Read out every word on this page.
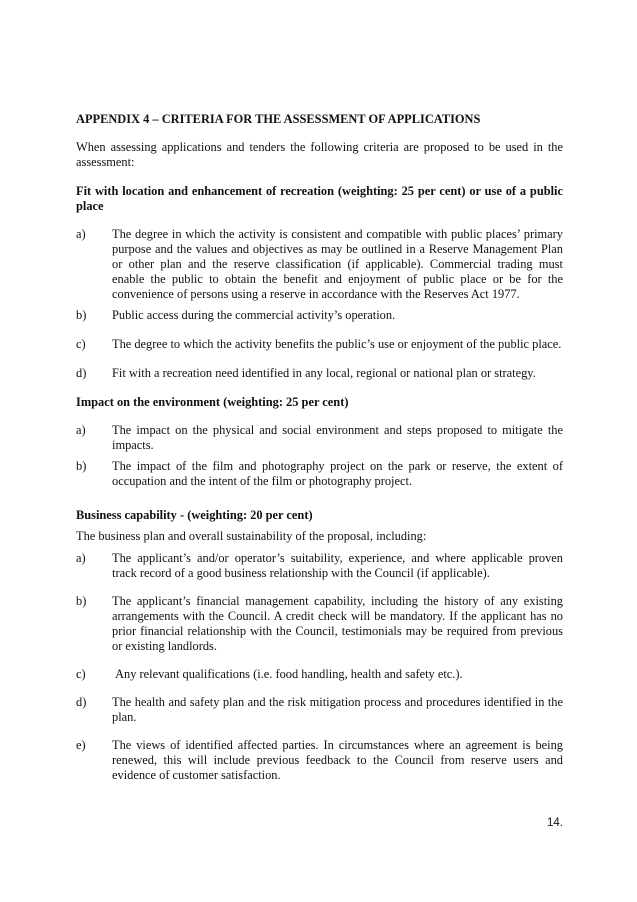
APPENDIX 4 – CRITERIA FOR THE ASSESSMENT OF APPLICATIONS

When assessing applications and tenders the following criteria are proposed to be used in the assessment:

Fit with location and enhancement of recreation (weighting: 25 per cent) or use of a public place

a) The degree in which the activity is consistent and compatible with public places’ primary purpose and the values and objectives as may be outlined in a Reserve Management Plan or other plan and the reserve classification (if applicable). Commercial trading must enable the public to obtain the benefit and enjoyment of public place or be for the convenience of persons using a reserve in accordance with the Reserves Act 1977.
b) Public access during the commercial activity’s operation.
c) The degree to which the activity benefits the public’s use or enjoyment of the public place.
d) Fit with a recreation need identified in any local, regional or national plan or strategy.

Impact on the environment (weighting: 25 per cent)

a) The impact on the physical and social environment and steps proposed to mitigate the impacts.
b) The impact of the film and photography project on the park or reserve, the extent of occupation and the intent of the film or photography project.

Business capability - (weighting: 20 per cent)

The business plan and overall sustainability of the proposal, including:

a) The applicant’s and/or operator’s suitability, experience, and where applicable proven track record of a good business relationship with the Council (if applicable).
b) The applicant’s financial management capability, including the history of any existing arrangements with the Council. A credit check will be mandatory. If the applicant has no prior financial relationship with the Council, testimonials may be required from previous or existing landlords.
c) Any relevant qualifications (i.e. food handling, health and safety etc.).
d) The health and safety plan and the risk mitigation process and procedures identified in the plan.
e) The views of identified affected parties. In circumstances where an agreement is being renewed, this will include previous feedback to the Council from reserve users and evidence of customer satisfaction.
14.
